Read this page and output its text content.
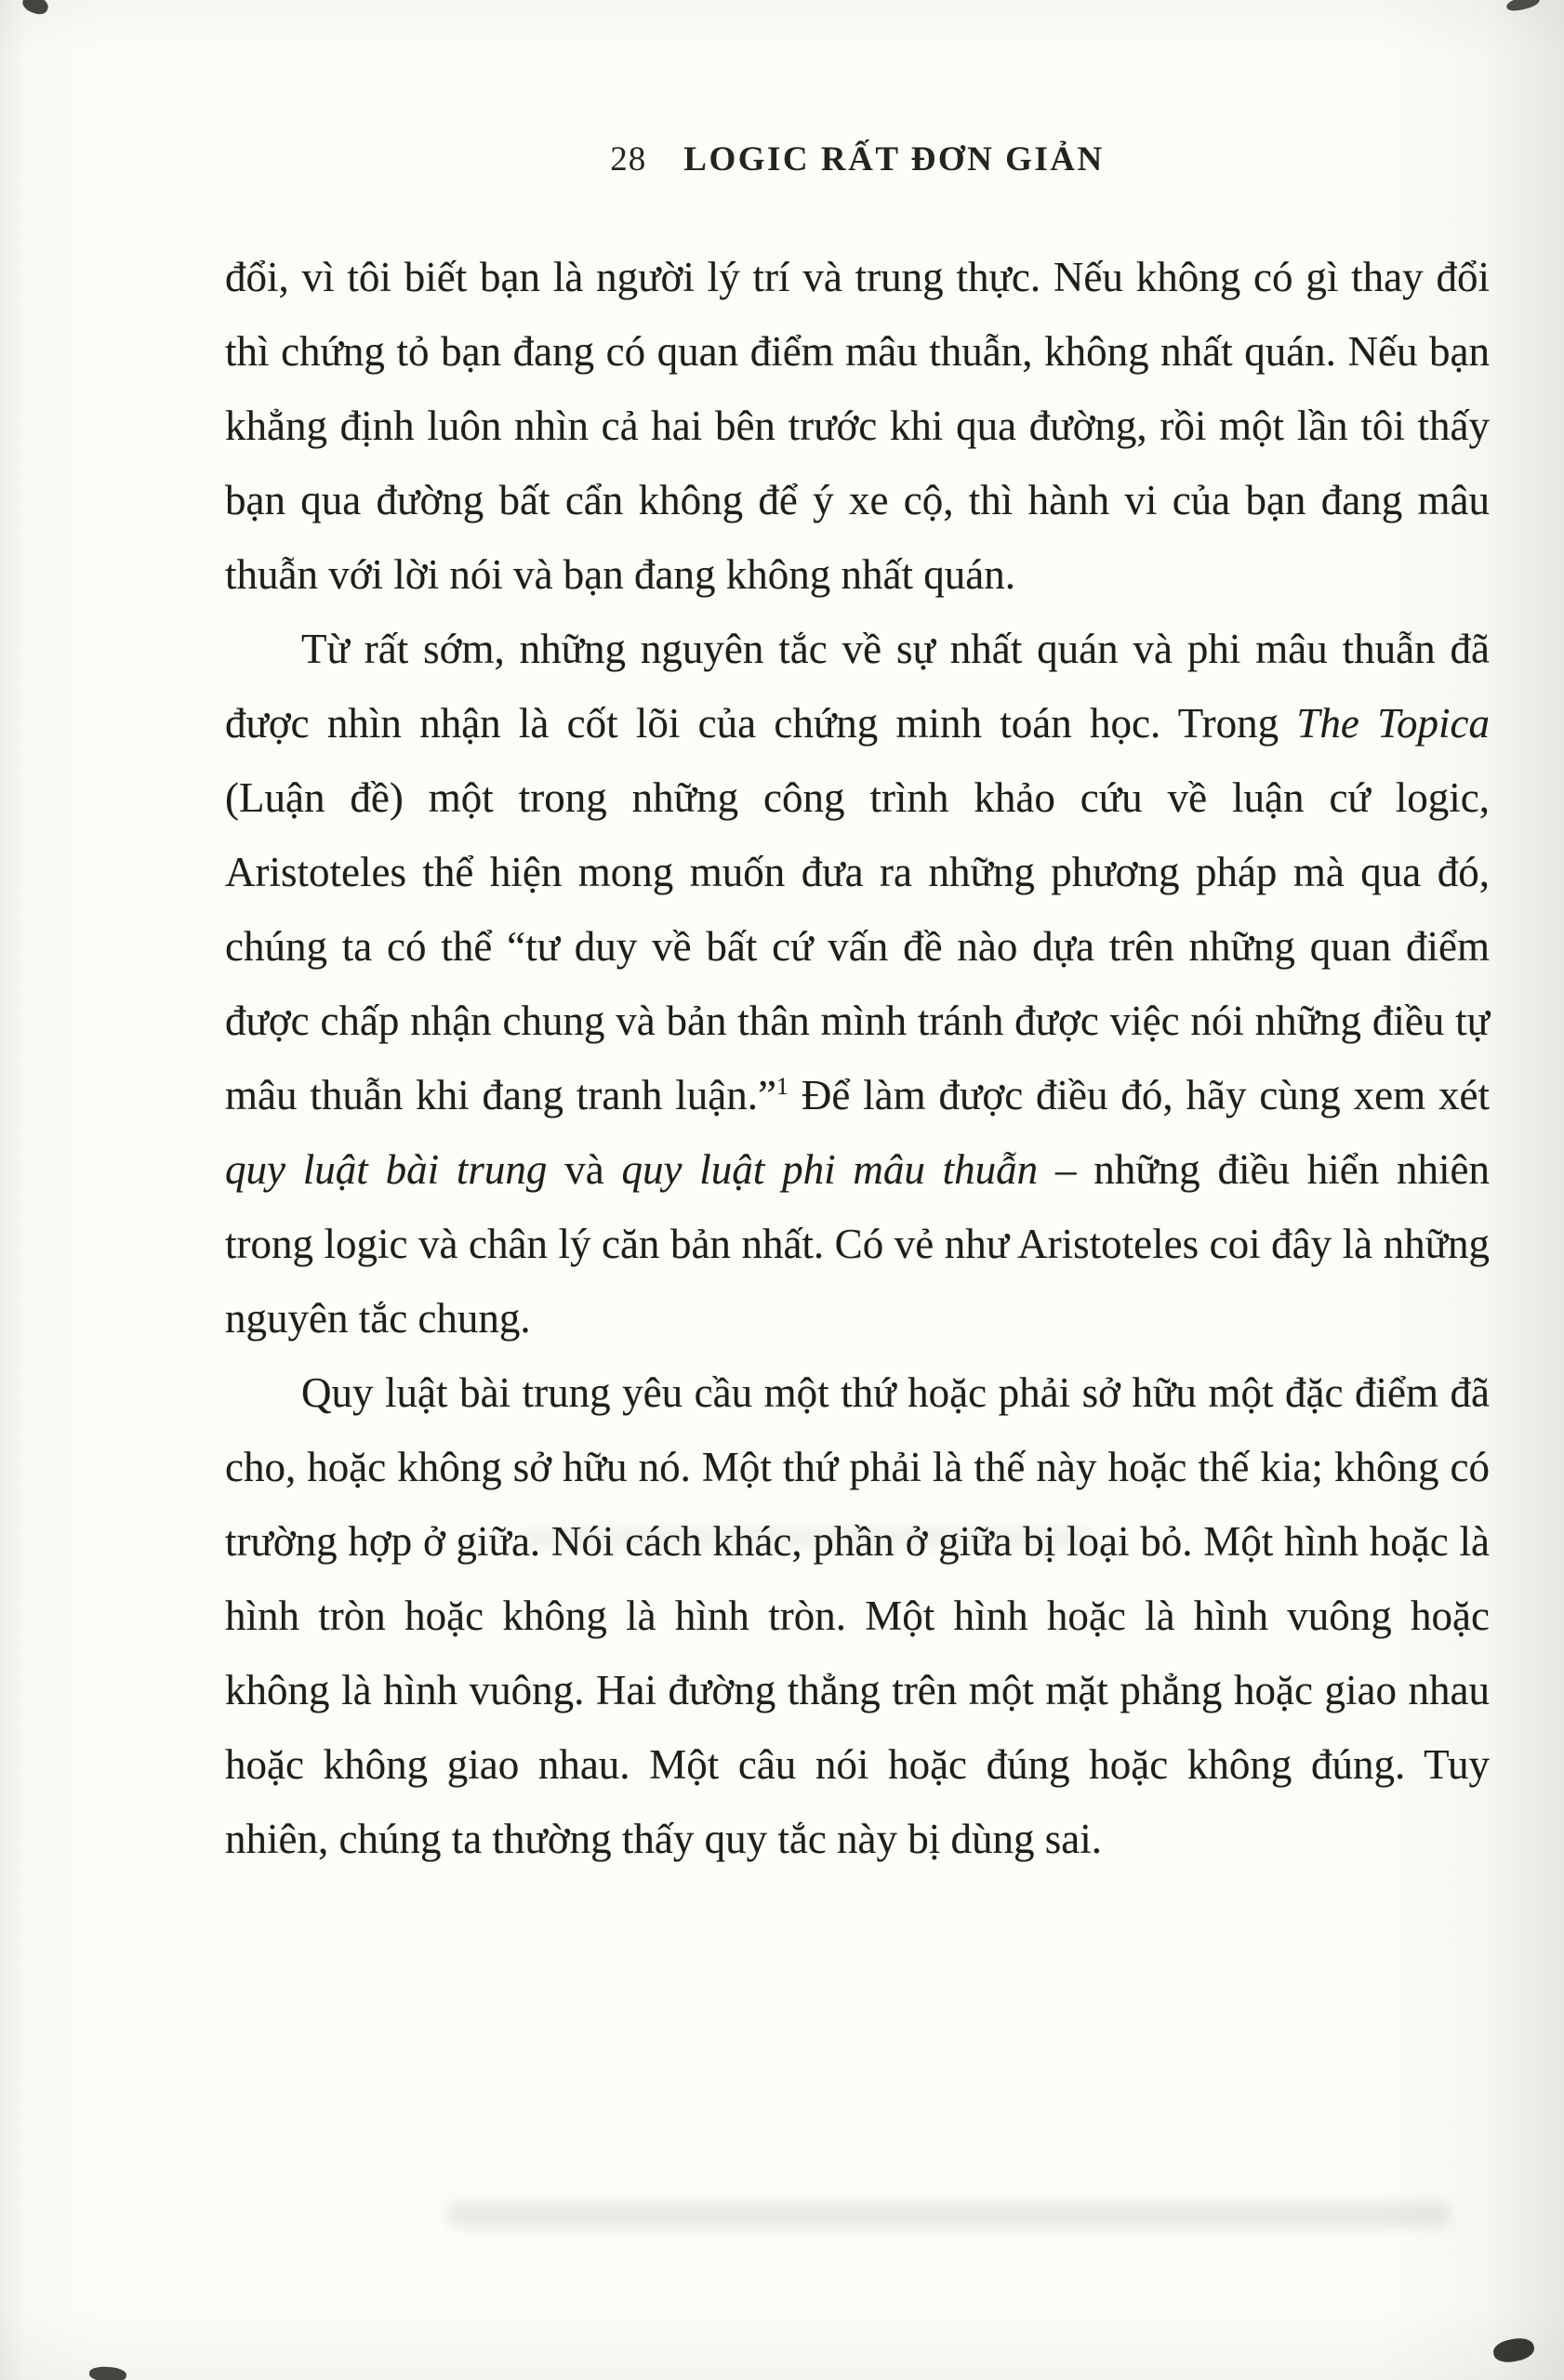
28 LOGIC RẤT ĐƠN GIẢN

đổi, vì tôi biết bạn là người lý trí và trung thực. Nếu không có gì thay đổi thì chứng tỏ bạn đang có quan điểm mâu thuẫn, không nhất quán. Nếu bạn khẳng định luôn nhìn cả hai bên trước khi qua đường, rồi một lần tôi thấy bạn qua đường bất cẩn không để ý xe cộ, thì hành vi của bạn đang mâu thuẫn với lời nói và bạn đang không nhất quán.

Từ rất sớm, những nguyên tắc về sự nhất quán và phi mâu thuẫn đã được nhìn nhận là cốt lõi của chứng minh toán học. Trong The Topica (Luận đề) một trong những công trình khảo cứu về luận cứ logic, Aristoteles thể hiện mong muốn đưa ra những phương pháp mà qua đó, chúng ta có thể “tư duy về bất cứ vấn đề nào dựa trên những quan điểm được chấp nhận chung và bản thân mình tránh được việc nói những điều tự mâu thuẫn khi đang tranh luận.”$^1$ Để làm được điều đó, hãy cùng xem xét quy luật bài trung và quy luật phi mâu thuẫn – những điều hiển nhiên trong logic và chân lý căn bản nhất. Có vẻ như Aristoteles coi đây là những nguyên tắc chung.

Quy luật bài trung yêu cầu một thứ hoặc phải sở hữu một đặc điểm đã cho, hoặc không sở hữu nó. Một thứ phải là thế này hoặc thế kia; không có trường hợp ở giữa. Nói cách khác, phần ở giữa bị loại bỏ. Một hình hoặc là hình tròn hoặc không là hình tròn. Một hình hoặc là hình vuông hoặc không là hình vuông. Hai đường thẳng trên một mặt phẳng hoặc giao nhau hoặc không giao nhau. Một câu nói hoặc đúng hoặc không đúng. Tuy nhiên, chúng ta thường thấy quy tắc này bị dùng sai.
